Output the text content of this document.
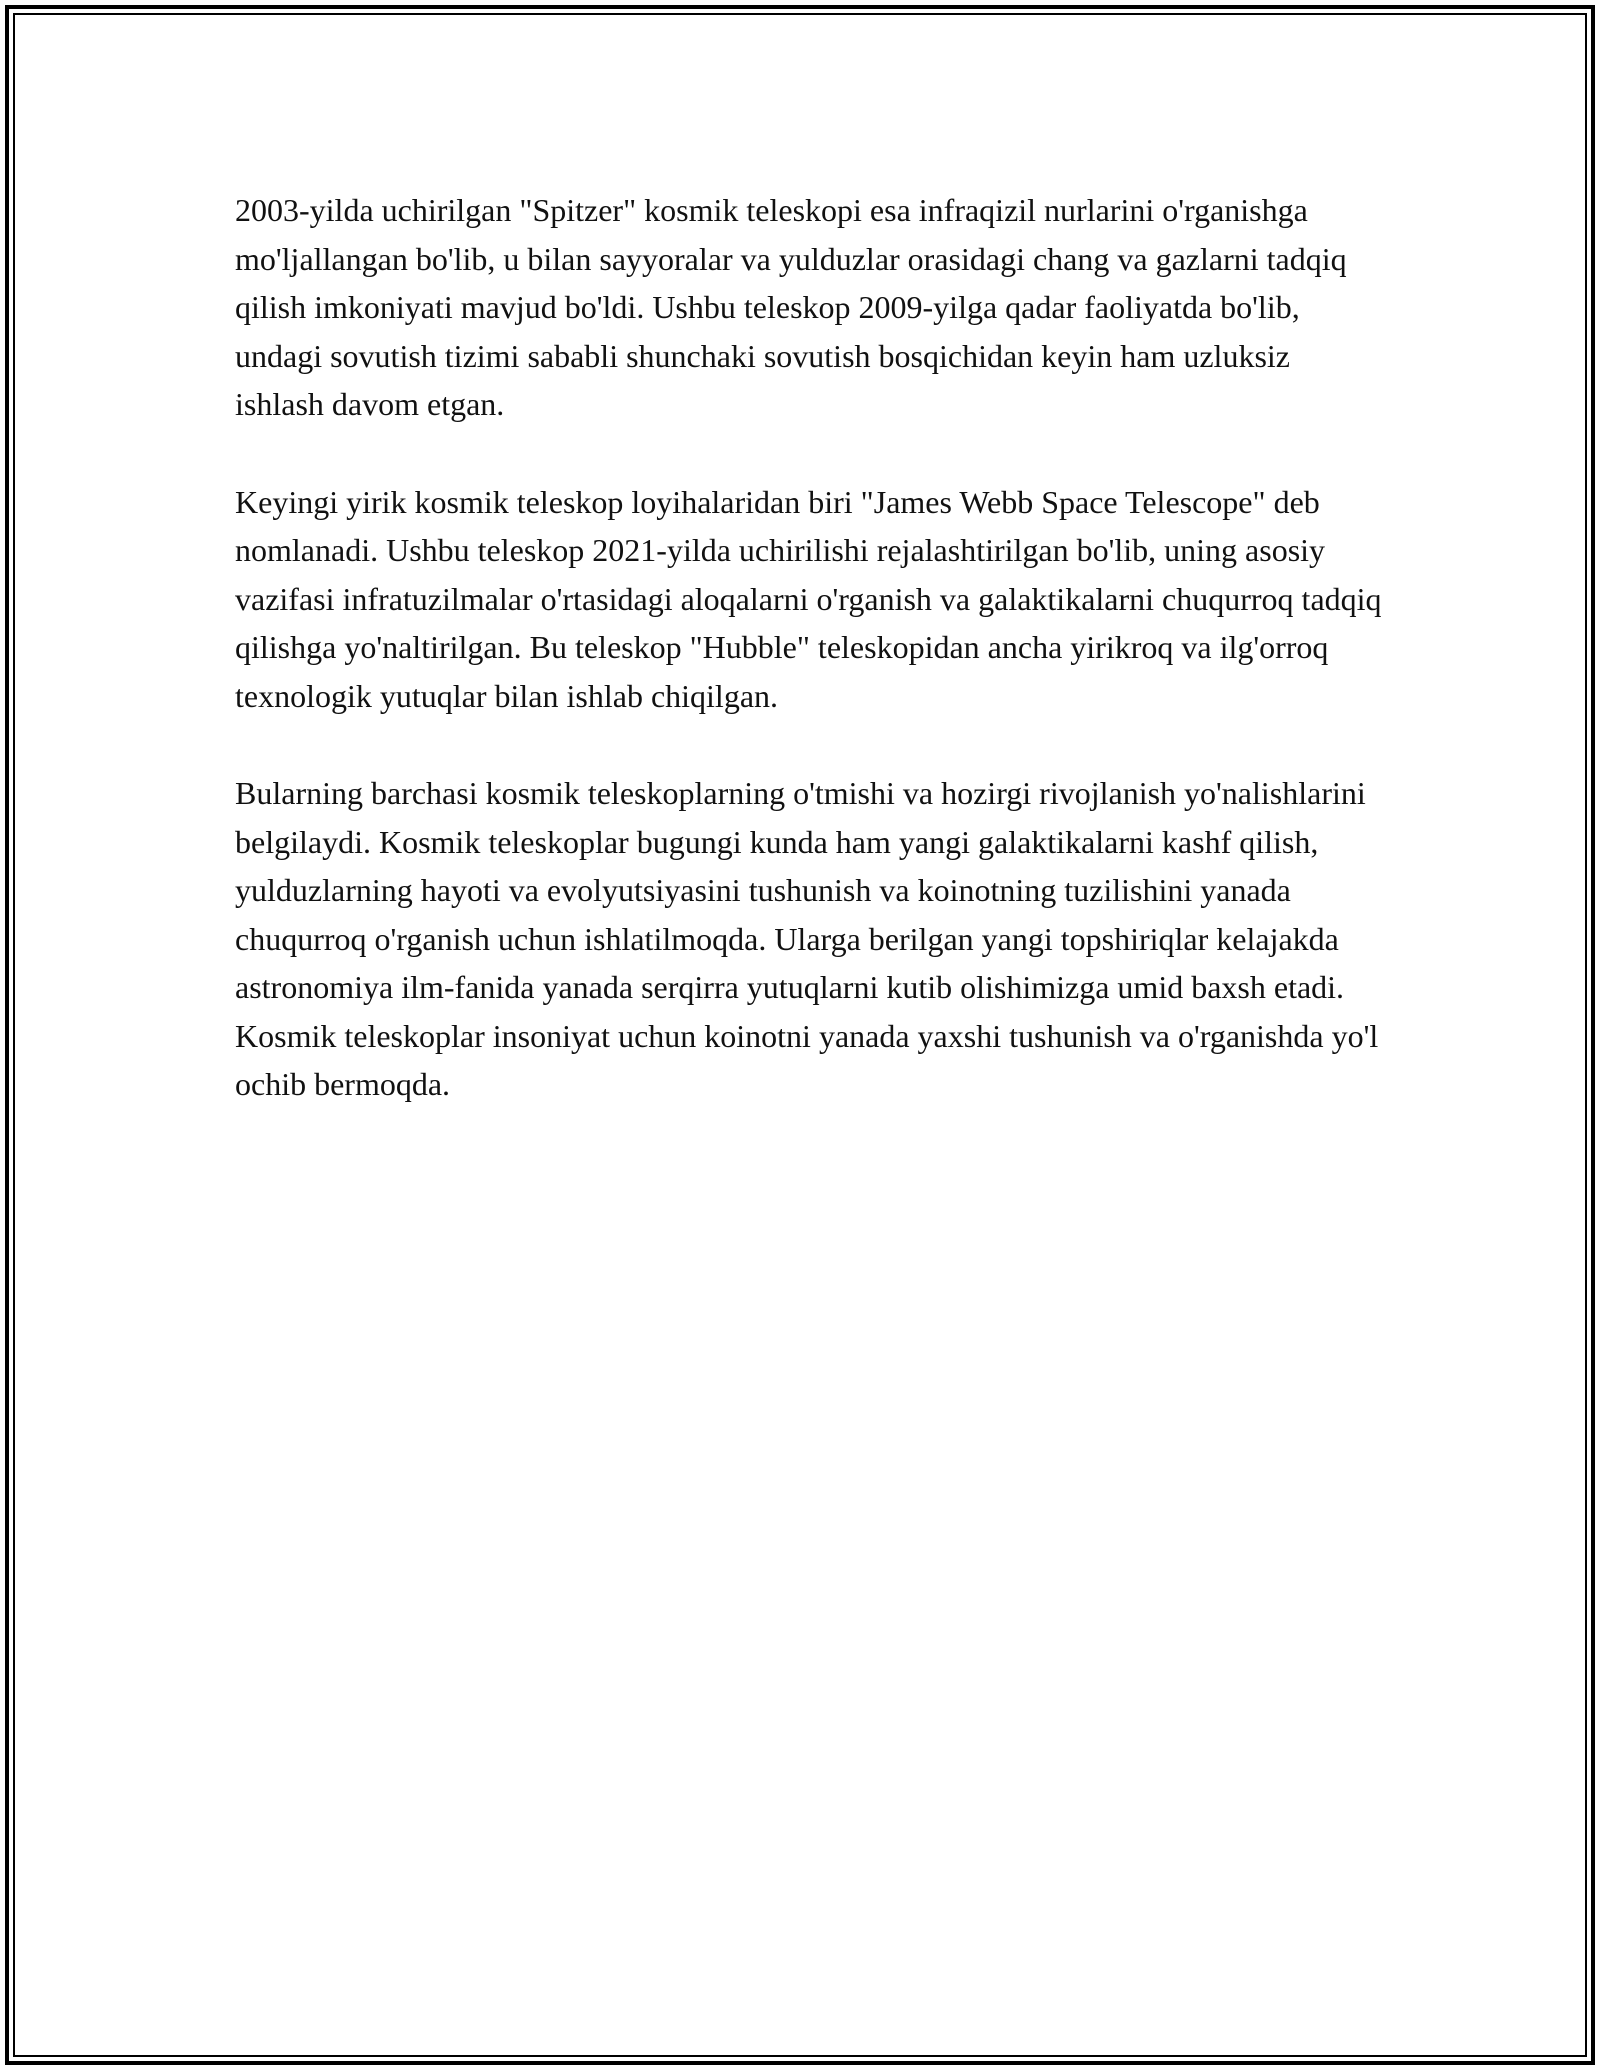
2003-yilda uchirilgan "Spitzer" kosmik teleskopi esa infraqizil nurlarini o'rganishga mo'ljallangan bo'lib, u bilan sayyoralar va yulduzlar orasidagi chang va gazlarni tadqiq qilish imkoniyati mavjud bo'ldi. Ushbu teleskop 2009-yilga qadar faoliyatda bo'lib, undagi sovutish tizimi sababli shunchaki sovutish bosqichidan keyin ham uzluksiz ishlash davom etgan.

Keyingi yirik kosmik teleskop loyihalaridan biri "James Webb Space Telescope" deb nomlanadi. Ushbu teleskop 2021-yilda uchirilishi rejalashtirilgan bo'lib, uning asosiy vazifasi infratuzilmalar o'rtasidagi aloqalarni o'rganish va galaktikalarni chuqurroq tadqiq qilishga yo'naltirilgan. Bu teleskop "Hubble" teleskopidan ancha yirikroq va ilg'orroq texnologik yutuqlar bilan ishlab chiqilgan.

Bularning barchasi kosmik teleskoplarning o'tmishi va hozirgi rivojlanish yo'nalishlarini belgilaydi. Kosmik teleskoplar bugungi kunda ham yangi galaktikalarni kashf qilish, yulduzlarning hayoti va evolyutsiyasini tushunish va koinotning tuzilishini yanada chuqurroq o'rganish uchun ishlatilmoqda. Ularga berilgan yangi topshiriqlar kelajakda astronomiya ilm-fanida yanada serqirra yutuqlarni kutib olishimizga umid baxsh etadi. Kosmik teleskoplar insoniyat uchun koinotni yanada yaxshi tushunish va o'rganishda yo'l ochib bermoqda.
